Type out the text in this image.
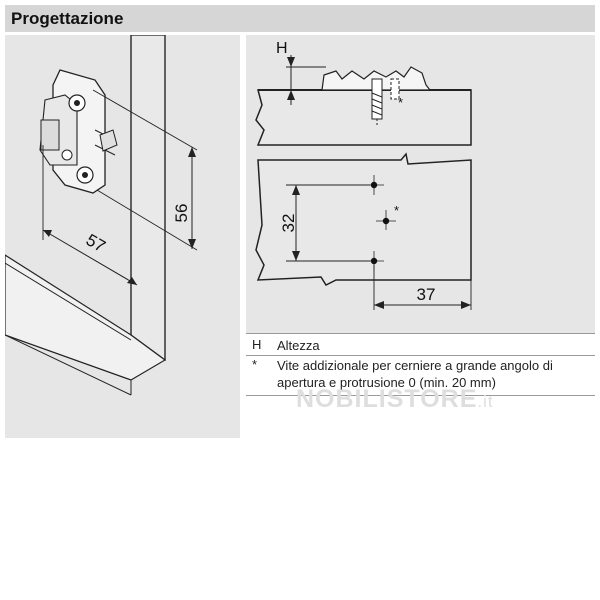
Progettazione
56
57
*
H
*
32
37
H Altezza
* Vite addizionale per cerniere a grande angolo di apertura e protrusione 0 (min. 20 mm)
NOBILISTORE.it
